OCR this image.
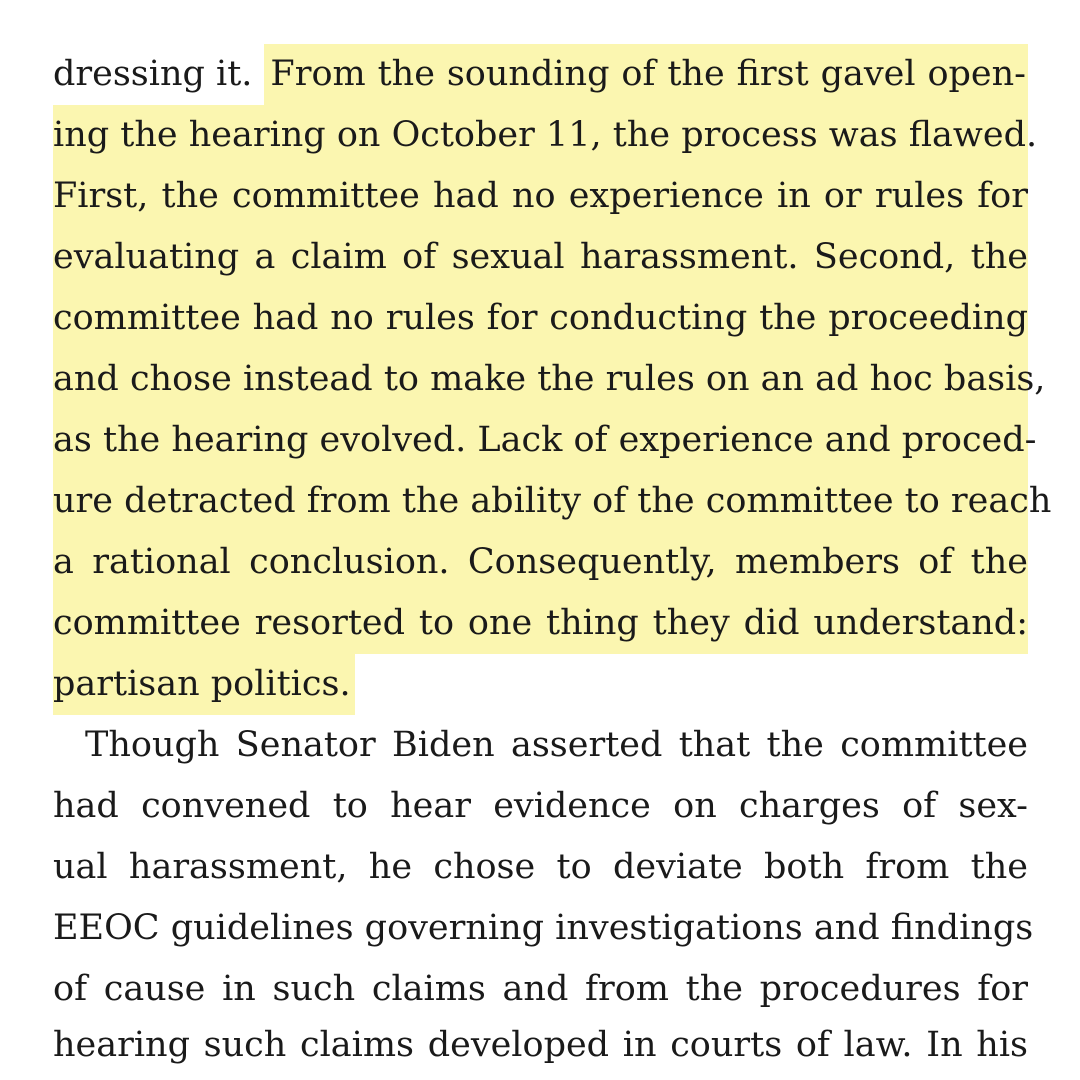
dressing it. From the sounding of the first gavel open-
ing the hearing on October 11, the process was flawed.
First, the committee had no experience in or rules for
evaluating a claim of sexual harassment. Second, the
committee had no rules for conducting the proceeding
and chose instead to make the rules on an ad hoc basis,
as the hearing evolved. Lack of experience and proced-
ure detracted from the ability of the committee to reach
a rational conclusion. Consequently, members of the
committee resorted to one thing they did understand:
partisan politics.
Though Senator Biden asserted that the committee
had convened to hear evidence on charges of sex-
ual harassment, he chose to deviate both from the
EEOC guidelines governing investigations and findings
of cause in such claims and from the procedures for
hearing such claims developed in courts of law. In his
